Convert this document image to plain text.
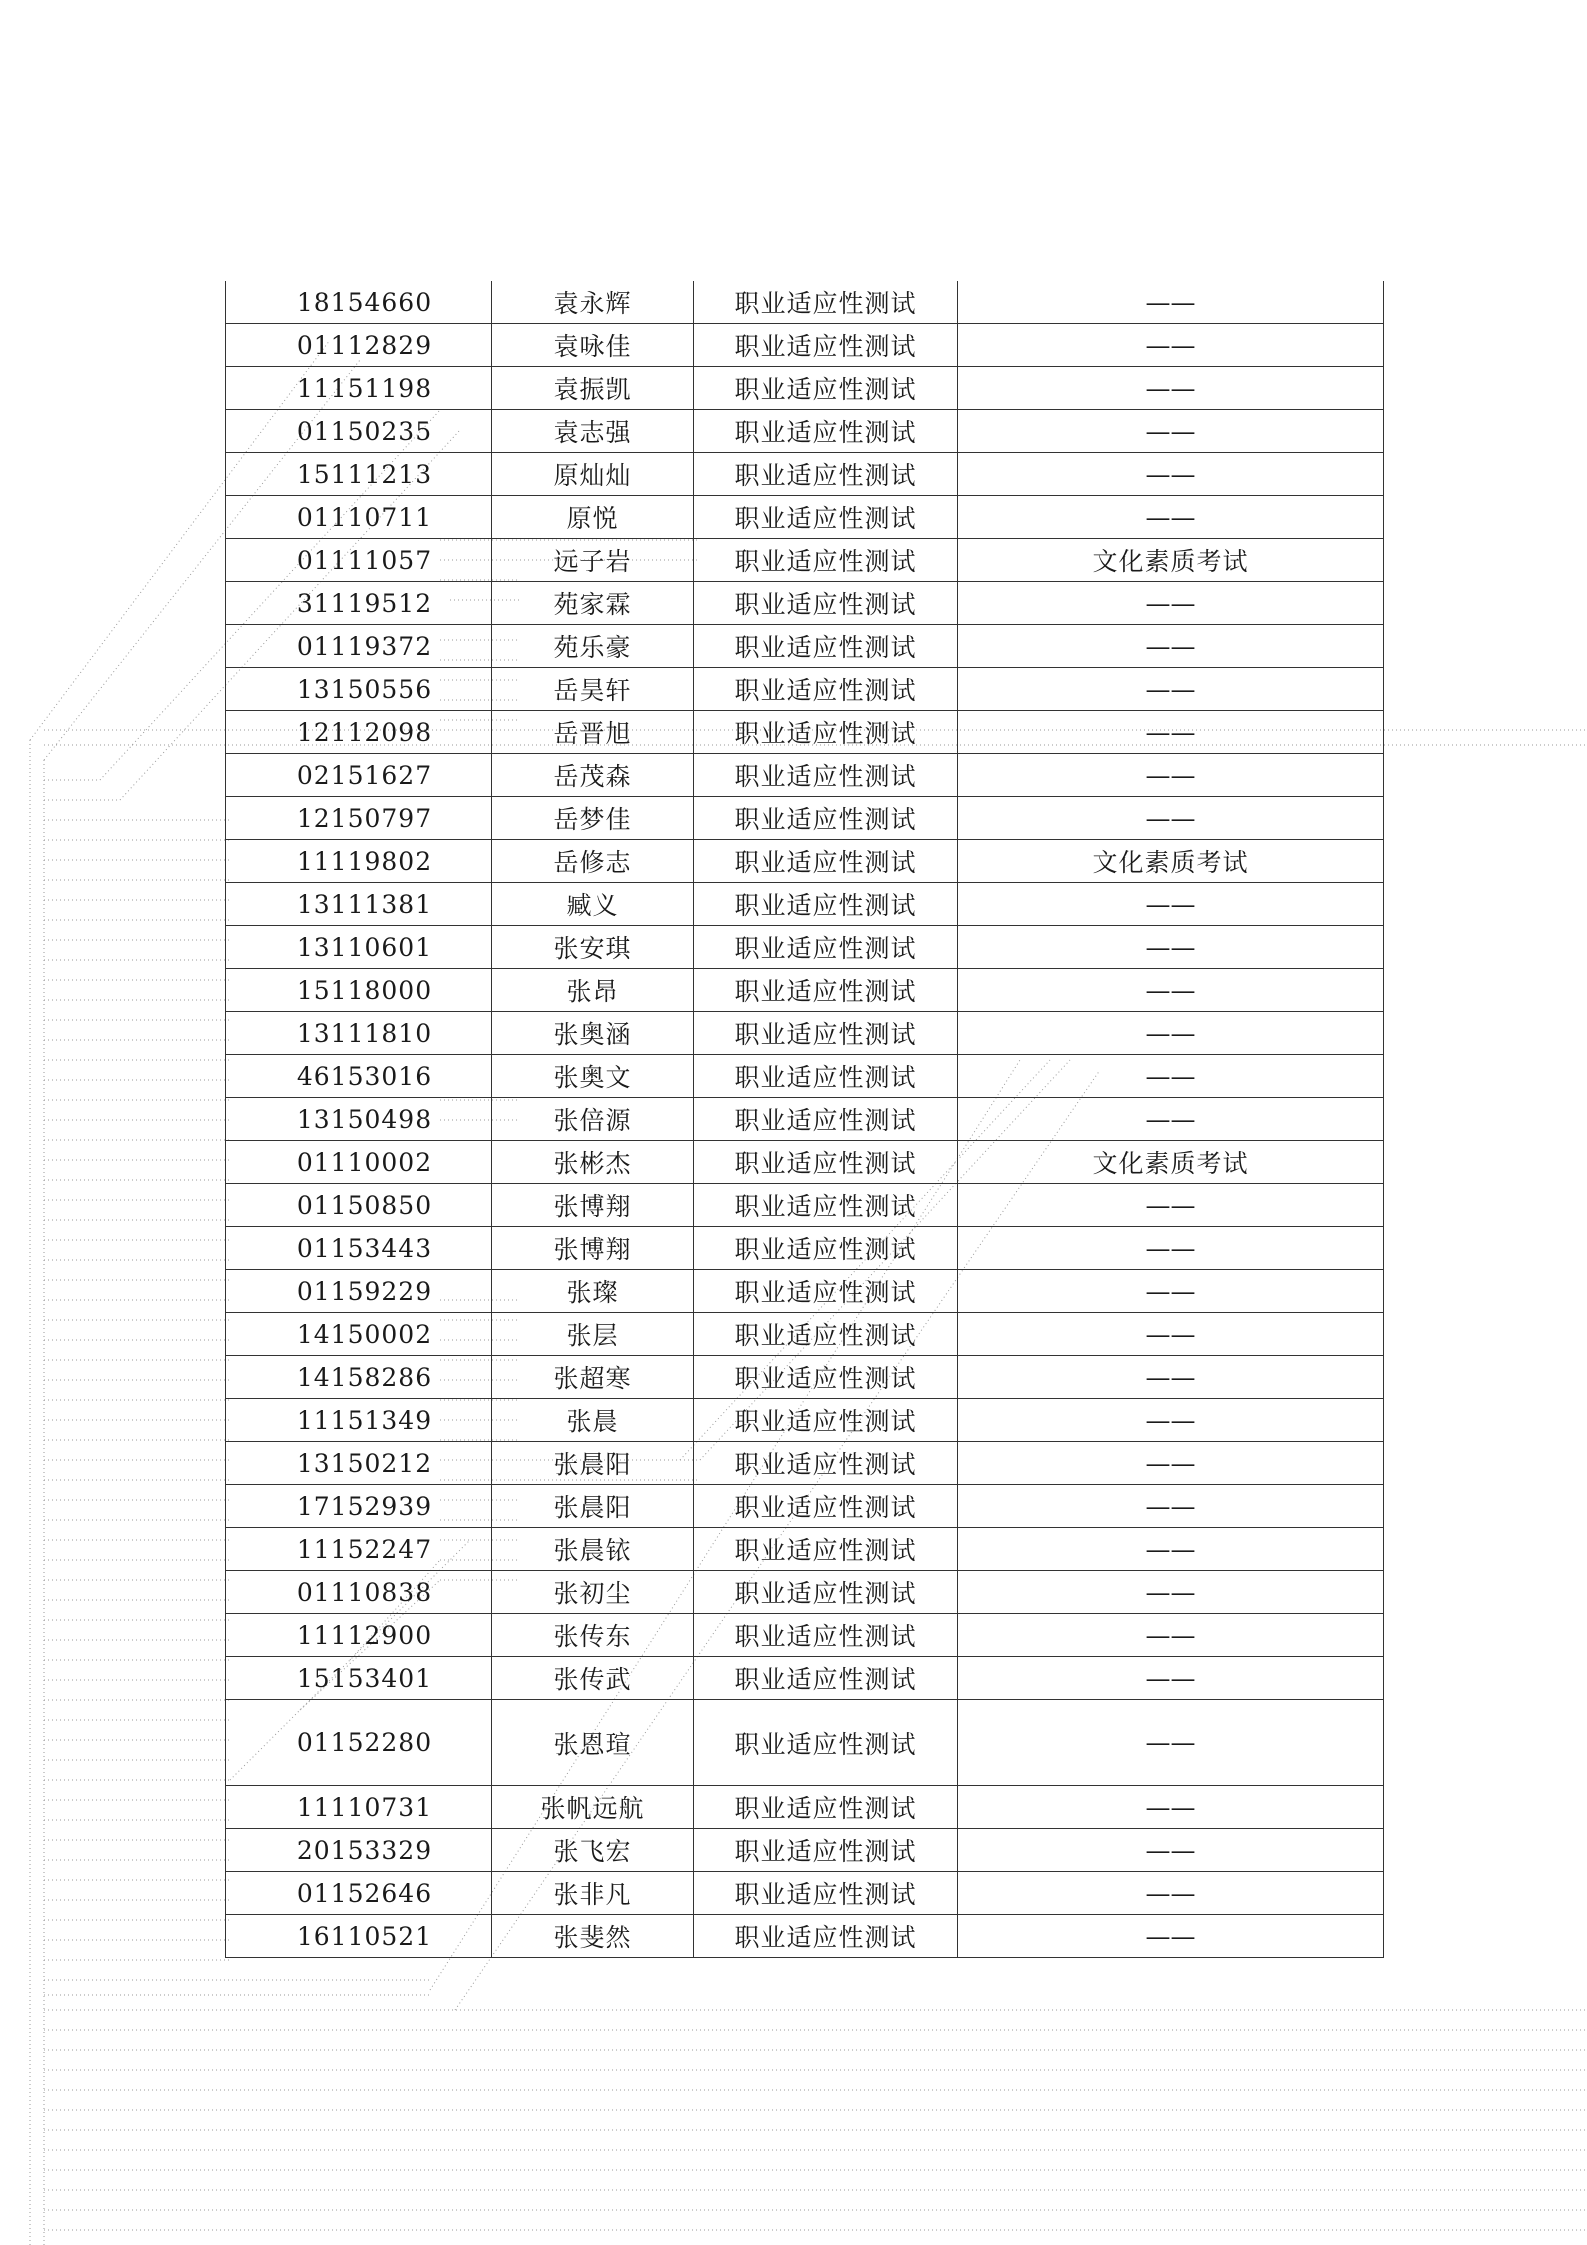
18154660	袁永辉	职业适应性测试	——
01112829	袁咏佳	职业适应性测试	——
11151198	袁振凯	职业适应性测试	——
01150235	袁志强	职业适应性测试	——
15111213	原灿灿	职业适应性测试	——
01110711	原悦	职业适应性测试	——
01111057	远子岩	职业适应性测试	文化素质考试
31119512	苑家霖	职业适应性测试	——
01119372	苑乐豪	职业适应性测试	——
13150556	岳昊轩	职业适应性测试	——
12112098	岳晋旭	职业适应性测试	——
02151627	岳茂森	职业适应性测试	——
12150797	岳梦佳	职业适应性测试	——
11119802	岳修志	职业适应性测试	文化素质考试
13111381	臧义	职业适应性测试	——
13110601	张安琪	职业适应性测试	——
15118000	张昂	职业适应性测试	——
13111810	张奥涵	职业适应性测试	——
46153016	张奥文	职业适应性测试	——
13150498	张倍源	职业适应性测试	——
01110002	张彬杰	职业适应性测试	文化素质考试
01150850	张博翔	职业适应性测试	——
01153443	张博翔	职业适应性测试	——
01159229	张璨	职业适应性测试	——
14150002	张层	职业适应性测试	——
14158286	张超寒	职业适应性测试	——
11151349	张晨	职业适应性测试	——
13150212	张晨阳	职业适应性测试	——
17152939	张晨阳	职业适应性测试	——
11152247	张晨铱	职业适应性测试	——
01110838	张初尘	职业适应性测试	——
11112900	张传东	职业适应性测试	——
15153401	张传武	职业适应性测试	——
01152280	张恩瑄	职业适应性测试	——
11110731	张帆远航	职业适应性测试	——
20153329	张飞宏	职业适应性测试	——
01152646	张非凡	职业适应性测试	——
16110521	张斐然	职业适应性测试	——
